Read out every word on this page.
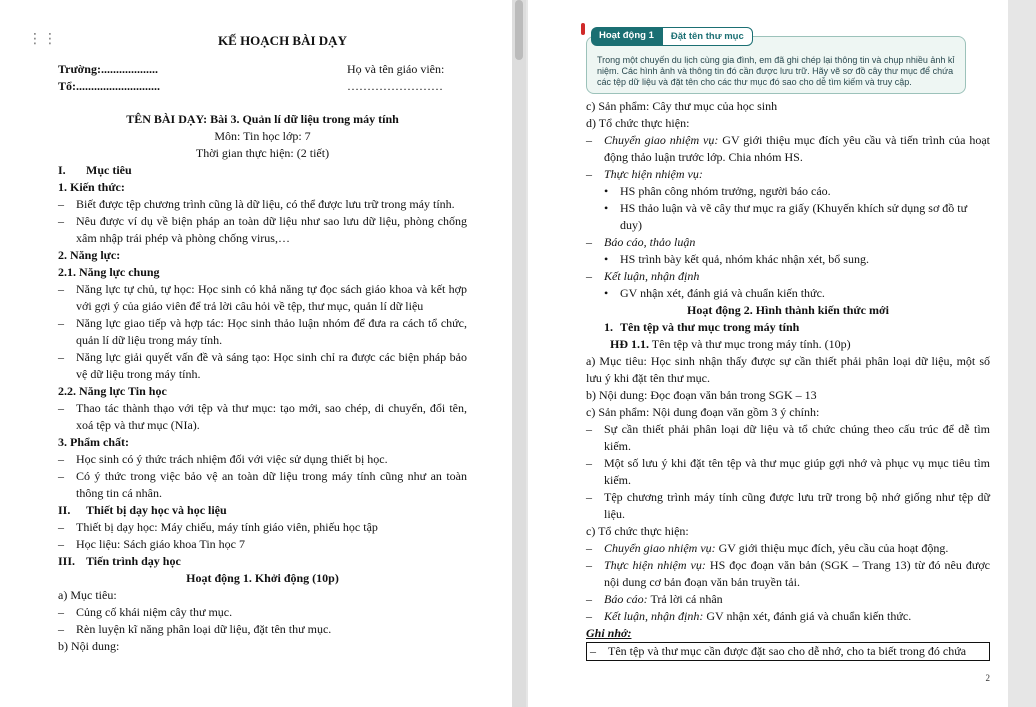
⋮⋮	KẾ HOẠCH BÀI DẠY
Trường:...................	Họ và tên giáo viên:
Tổ:............................	……………………
TÊN BÀI DẠY: Bài 3. Quản lí dữ liệu trong máy tính
Môn: Tin học lớp: 7
Thời gian thực hiện: (2 tiết)
I.	Mục tiêu
1. Kiến thức:
–	Biết được tệp chương trình cũng là dữ liệu, có thể được lưu trữ trong máy tính.
–	Nêu được ví dụ về biện pháp an toàn dữ liệu như sao lưu dữ liệu, phòng chống xâm nhập trái phép và phòng chống virus,…
2. Năng lực:
2.1. Năng lực chung
–	Năng lực tự chủ, tự học: Học sinh có khả năng tự đọc sách giáo khoa và kết hợp với gợi ý của giáo viên để trả lời câu hỏi về tệp, thư mục, quản lí dữ liệu
–	Năng lực giao tiếp và hợp tác: Học sinh thảo luận nhóm để đưa ra cách tổ chức, quản lí dữ liệu trong máy tính.
–	Năng lực giải quyết vấn đề và sáng tạo: Học sinh chỉ ra được các biện pháp bảo vệ dữ liệu trong máy tính.
2.2. Năng lực Tin học
–	Thao tác thành thạo với tệp và thư mục: tạo mới, sao chép, di chuyển, đổi tên, xoá tệp và thư mục (NIa).
3. Phẩm chất:
–	Học sinh có ý thức trách nhiệm đối với việc sử dụng thiết bị học.
–	Có ý thức trong việc bảo vệ an toàn dữ liệu trong máy tính cũng như an toàn thông tin cá nhân.
II.	Thiết bị dạy học và học liệu
–	Thiết bị dạy học: Máy chiếu, máy tính giáo viên, phiếu học tập
–	Học liệu: Sách giáo khoa Tin học 7
III. Tiến trình dạy học
Hoạt động 1. Khởi động (10p)
a) Mục tiêu:
–	Củng cố khái niệm cây thư mục.
–	Rèn luyện kĩ năng phân loại dữ liệu, đặt tên thư mục.
b) Nội dung:
Hoạt động 1	Đặt tên thư mục
Trong một chuyến du lịch cùng gia đình, em đã ghi chép lại thông tin và chụp nhiều ảnh kỉ niệm. Các hình ảnh và thông tin đó cần được lưu trữ. Hãy vẽ sơ đồ cây thư mục để chứa các tệp dữ liệu và đặt tên cho các thư mục đó sao cho dễ tìm kiếm và truy cập.
c) Sản phẩm: Cây thư mục của học sinh
d) Tổ chức thực hiện:
–	Chuyển giao nhiệm vụ: GV giới thiệu mục đích yêu cầu và tiến trình của hoạt động thảo luận trước lớp. Chia nhóm HS.
–	Thực hiện nhiệm vụ:
• HS phân công nhóm trưởng, người báo cáo.
• HS thảo luận và vẽ cây thư mục ra giấy (Khuyến khích sử dụng sơ đồ tư duy)
–	Báo cáo, thảo luận
• HS trình bày kết quả, nhóm khác nhận xét, bổ sung.
–	Kết luận, nhận định
• GV nhận xét, đánh giá và chuẩn kiến thức.
Hoạt động 2. Hình thành kiến thức mới
1. Tên tệp và thư mục trong máy tính
HĐ 1.1. Tên tệp và thư mục trong máy tính. (10p)
a) Mục tiêu: Học sinh nhận thấy được sự cần thiết phải phân loại dữ liệu, một số lưu ý khi đặt tên thư mục.
b) Nội dung: Đọc đoạn văn bản trong SGK – 13
c) Sản phẩm: Nội dung đoạn văn gồm 3 ý chính:
–	Sự cần thiết phải phân loại dữ liệu và tổ chức chúng theo cấu trúc để dễ tìm kiếm.
–	Một số lưu ý khi đặt tên tệp và thư mục giúp gợi nhớ và phục vụ mục tiêu tìm kiếm.
–	Tệp chương trình máy tính cũng được lưu trữ trong bộ nhớ giống như tệp dữ liệu.
c) Tổ chức thực hiện:
–	Chuyển giao nhiệm vụ: GV giới thiệu mục đích, yêu cầu của hoạt động.
–	Thực hiện nhiệm vụ: HS đọc đoạn văn bản (SGK – Trang 13) từ đó nêu được nội dung cơ bản đoạn văn bản truyền tải.
–	Báo cáo: Trả lời cá nhân
–	Kết luận, nhận định: GV nhận xét, đánh giá và chuẩn kiến thức.
Ghi nhớ:
–	Tên tệp và thư mục cần được đặt sao cho dễ nhớ, cho ta biết trong đó chứa
2
